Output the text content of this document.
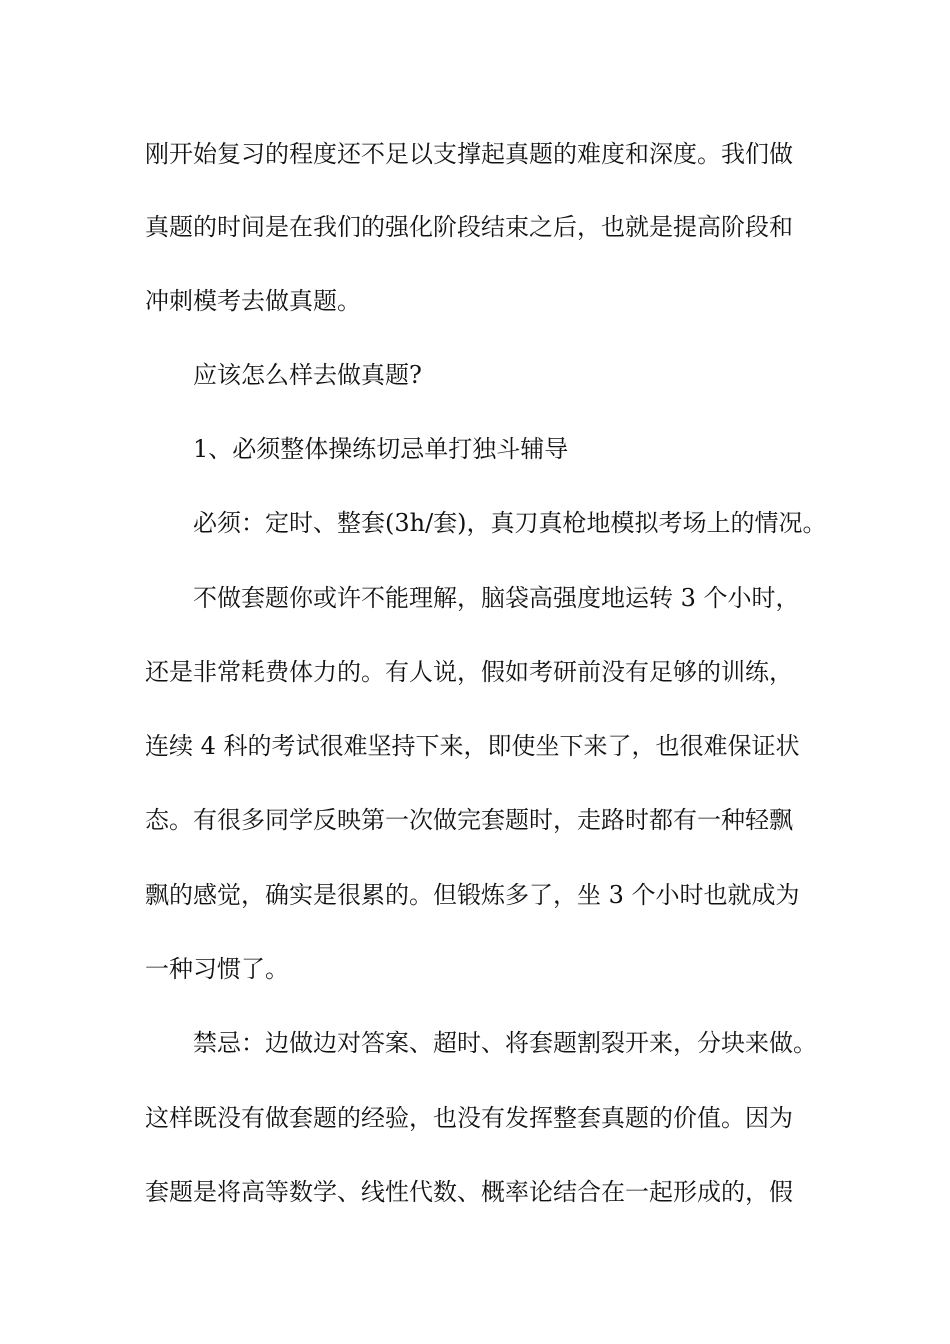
刚开始复习的程度还不足以支撑起真题的难度和深度。我们做
真题的时间是在我们的强化阶段结束之后，也就是提高阶段和
冲刺模考去做真题。
应该怎么样去做真题?
1、必须整体操练切忌单打独斗辅导
必须：定时、整套(3h/套)，真刀真枪地模拟考场上的情况。
不做套题你或许不能理解，脑袋高强度地运转 3 个小时，
还是非常耗费体力的。有人说，假如考研前没有足够的训练，
连续 4 科的考试很难坚持下来，即使坐下来了，也很难保证状
态。有很多同学反映第一次做完套题时，走路时都有一种轻飘
飘的感觉，确实是很累的。但锻炼多了，坐 3 个小时也就成为
一种习惯了。
禁忌：边做边对答案、超时、将套题割裂开来，分块来做。
这样既没有做套题的经验，也没有发挥整套真题的价值。因为
套题是将高等数学、线性代数、概率论结合在一起形成的，假
